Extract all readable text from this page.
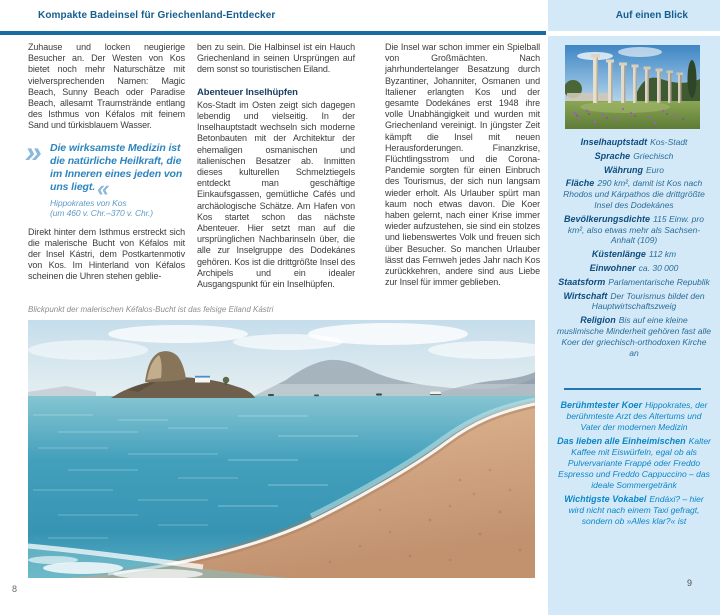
Kompakte Badeinsel für Griechenland-Entdecker	Auf einen Blick
Inselhauptstadt Kos-Stadt
Sprache Griechisch
Währung Euro
Fläche 290 km², damit ist Kos nach Rhodos und Kárpathos die drittgrößte Insel des Dodekánes
Bevölkerungsdichte 115 Einw. pro km², also etwas mehr als Sachsen-Anhalt (109)
Küstenlänge 112 km
Einwohner ca. 30 000
Staatsform Parlamentarische Republik
Wirtschaft Der Tourismus bildet den Hauptwirtschaftszweig
Religion Bis auf eine kleine muslimische Minderheit gehören fast alle Koer der griechisch-orthodoxen Kirche an
Berühmtester Koer Hippokrates, der berühmteste Arzt des Altertums und Vater der modernen Medizin
Das lieben alle Einheimischen Kalter Kaffee mit Eiswürfeln, egal ob als Pulvervariante Frappé oder Freddo Espresso und Freddo Cappuccino – das ideale Sommergetränk
Wichtigste Vokabel Endáxi? – hier wird nicht nach einem Taxi gefragt, sondern ob »Alles klar?« ist
9
8

Zuhause und locken neugierige Besucher an. Der Westen von Kos bietet noch mehr Naturschätze mit vielversprechenden Namen: Magic Beach, Sunny Beach oder Paradise Beach, allesamt Traumstrände entlang des Isthmus von Kéfalos mit feinem Sand und türkisblauem Wasser.

» Die wirksamste Medizin ist die natürliche Heilkraft, die im Inneren eines jeden von uns liegt.«
Hippokrates von Kos
(um 460 v. Chr.–370 v. Chr.)

Direkt hinter dem Isthmus erstreckt sich die malerische Bucht von Kéfalos mit der Insel Kástri, dem Postkartenmotiv von Kos. Im Hinterland von Kéfalos scheinen die Uhren stehen geblie-

ben zu sein. Die Halbinsel ist ein Hauch Griechenland in seinen Ursprüngen auf dem sonst so touristischen Eiland.

Abenteuer Inselhüpfen

Kos-Stadt im Osten zeigt sich dagegen lebendig und vielseitig. In der Inselhauptstadt wechseln sich moderne Betonbauten mit der Architektur der ehemaligen osmanischen und italienischen Besatzer ab. Inmitten dieses kulturellen Schmelztiegels entdeckt man geschäftige Einkaufsgassen, gemütliche Cafés und archäologische Schätze. Am Hafen von Kos startet schon das nächste Abenteuer. Hier setzt man auf die ursprünglichen Nachbarinseln über, die alle zur Inselgruppe des Dodekánes gehören. Kos ist die drittgrößte Insel des Archipels und ein idealer Ausgangspunkt für ein Inselhüpfen.

Die Insel war schon immer ein Spielball von Großmächten. Nach jahrhundertelanger Besatzung durch Byzantiner, Johanniter, Osmanen und Italiener erlangten Kos und der gesamte Dodekánes erst 1948 ihre volle Unabhängigkeit und wurden mit Griechenland vereinigt. In jüngster Zeit kämpft die Insel mit neuen Herausforderungen. Finanzkrise, Flüchtlingsstrom und die Corona-Pandemie sorgten für einen Einbruch des Tourismus, der sich nun langsam wieder erholt. Als Urlauber spürt man kaum noch etwas davon. Die Koer haben gelernt, nach einer Krise immer wieder aufzustehen, sie sind ein stolzes und liebenswertes Volk und freuen sich über Besucher. So manchen Urlauber lässt das Fernweh jedes Jahr nach Kos zurückkehren, andere sind aus Liebe zur Insel für immer geblieben.

Blickpunkt der malerischen Kéfalos-Bucht ist das felsige Eiland Kástri
